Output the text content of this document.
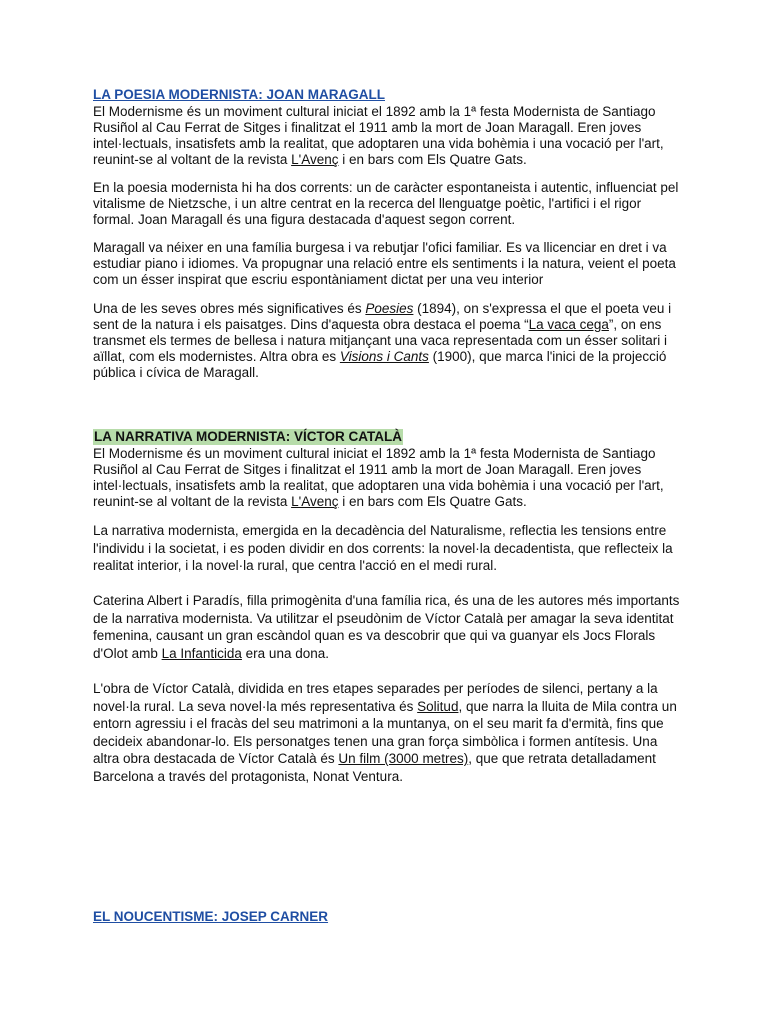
LA POESIA MODERNISTA: JOAN MARAGALL

El Modernisme és un moviment cultural iniciat el 1892 amb la 1ª festa Modernista de Santiago Rusiñol al Cau Ferrat de Sitges i finalitzat el 1911 amb la mort de Joan Maragall. Eren joves intel·lectuals, insatisfets amb la realitat, que adoptaren una vida bohèmia i una vocació per l'art, reunint-se al voltant de la revista L'Avenç i en bars com Els Quatre Gats.

En la poesia modernista hi ha dos corrents: un de caràcter espontaneista i autentic, influenciat pel vitalisme de Nietzsche, i un altre centrat en la recerca del llenguatge poètic, l'artifici i el rigor formal. Joan Maragall és una figura destacada d'aquest segon corrent.

Maragall va néixer en una família burgesa i va rebutjar l'ofici familiar. Es va llicenciar en dret i va estudiar piano i idiomes. Va propugnar una relació entre els sentiments i la natura, veient el poeta com un ésser inspirat que escriu espontàniament dictat per una veu interior

Una de les seves obres més significatives és Poesies (1894), on s'expressa el que el poeta veu i sent de la natura i els paisatges. Dins d'aquesta obra destaca el poema “La vaca cega”, on ens transmet els termes de bellesa i natura mitjançant una vaca representada com un ésser solitari i aïllat, com els modernistes. Altra obra es Visions i Cants (1900), que marca l'inici de la projecció pública i cívica de Maragall.

LA NARRATIVA MODERNISTA: VÍCTOR CATALÀ

El Modernisme és un moviment cultural iniciat el 1892 amb la 1ª festa Modernista de Santiago Rusiñol al Cau Ferrat de Sitges i finalitzat el 1911 amb la mort de Joan Maragall. Eren joves intel·lectuals, insatisfets amb la realitat, que adoptaren una vida bohèmia i una vocació per l'art, reunint-se al voltant de la revista L'Avenç i en bars com Els Quatre Gats.

La narrativa modernista, emergida en la decadència del Naturalisme, reflectia les tensions entre l'individu i la societat, i es poden dividir en dos corrents: la novel·la decadentista, que reflecteix la realitat interior, i la novel·la rural, que centra l'acció en el medi rural.

Caterina Albert i Paradís, filla primogènita d'una família rica, és una de les autores més importants de la narrativa modernista. Va utilitzar el pseudònim de Víctor Català per amagar la seva identitat femenina, causant un gran escàndol quan es va descobrir que qui va guanyar els Jocs Florals d'Olot amb La Infanticida era una dona.

L'obra de Víctor Català, dividida en tres etapes separades per períodes de silenci, pertany a la novel·la rural. La seva novel·la més representativa és Solitud, que narra la lluita de Mila contra un entorn agressiu i el fracàs del seu matrimoni a la muntanya, on el seu marit fa d'ermità, fins que decideix abandonar-lo. Els personatges tenen una gran força simbòlica i formen antítesis. Una altra obra destacada de Víctor Català és Un film (3000 metres), que que retrata detalladament Barcelona a través del protagonista, Nonat Ventura.

EL NOUCENTISME: JOSEP CARNER
